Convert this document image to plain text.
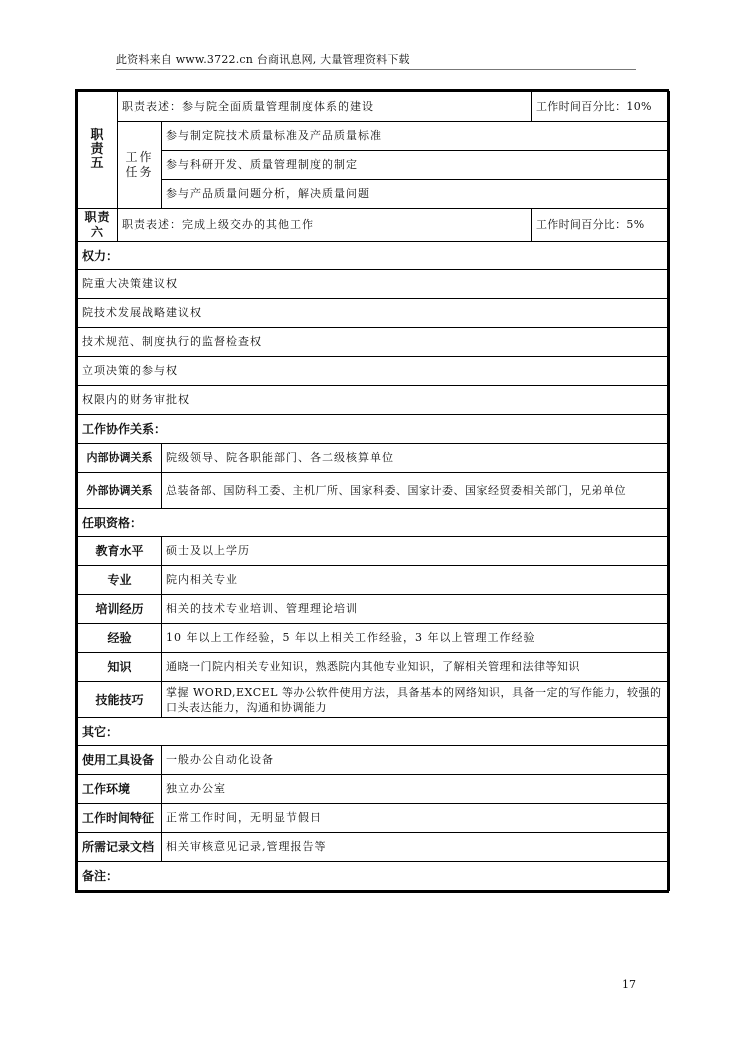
此资料来自 www.3722.cn 台商讯息网, 大量管理资料下载
职
责
五	职责表述：参与院全面质量管理制度体系的建设		工作时间百分比：10%
	工作
任务	参与制定院技术质量标准及产品质量标准	
		参与科研开发、质量管理制度的制定	
		参与产品质量问题分析，解决质量问题	
职责
六	职责表述：完成上级交办的其他工作		工作时间百分比：5%
权力：			
院重大决策建议权			
院技术发展战略建议权			
技术规范、制度执行的监督检查权			
立项决策的参与权			
权限内的财务审批权			
工作协作关系：			
内部协调关系		院级领导、院各职能部门、各二级核算单位	
外部协调关系		总装备部、国防科工委、主机厂所、国家科委、国家计委、国家经贸委相关部门，兄弟单位	
任职资格：			
教育水平		硕士及以上学历	
专业		院内相关专业	
培训经历		相关的技术专业培训、管理理论培训	
经验		10 年以上工作经验，5 年以上相关工作经验，3 年以上管理工作经验	
知识		通晓一门院内相关专业知识，熟悉院内其他专业知识，了解相关管理和法律等知识	
技能技巧		掌握 WORD,EXCEL 等办公软件使用方法，具备基本的网络知识，具备一定的写作能力，较强的口头表达能力，沟通和协调能力	
其它：			
使用工具设备		一般办公自动化设备	
工作环境		独立办公室	
工作时间特征		正常工作时间，无明显节假日	
所需记录文档		相关审核意见记录,管理报告等	
备注：			
17
